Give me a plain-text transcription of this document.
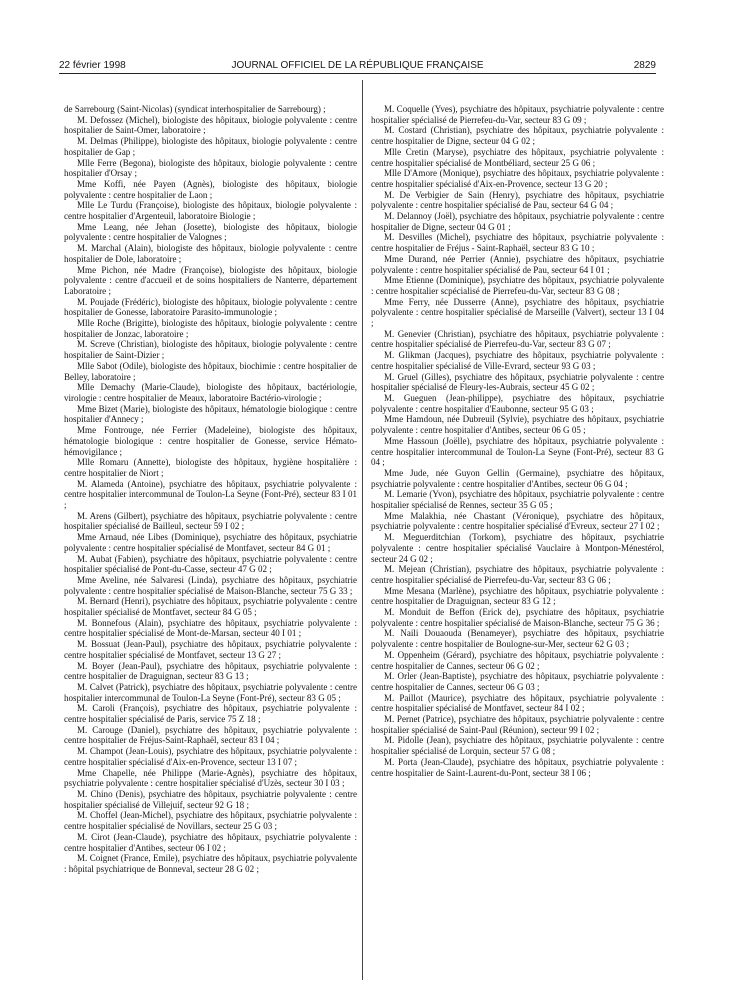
22 février 1998	JOURNAL OFFICIEL DE LA RÉPUBLIQUE FRANÇAISE	2829

de Sarrebourg (Saint-Nicolas) (syndicat interhospitalier de Sarrebourg) ;

M. Defossez (Michel), biologiste des hôpitaux, biologie polyvalente : centre hospitalier de Saint-Omer, laboratoire ;

M. Delmas (Philippe), biologiste des hôpitaux, biologie polyvalente : centre hospitalier de Gap ;

Mlle Ferre (Begona), biologiste des hôpitaux, biologie polyvalente : centre hospitalier d'Orsay ;

Mme Koffi, née Payen (Agnès), biologiste des hôpitaux, biologie polyvalente : centre hospitalier de Laon ;

Mlle Le Turdu (Françoise), biologiste des hôpitaux, biologie polyvalente : centre hospitalier d'Argenteuil, laboratoire Biologie ;

Mme Leang, née Jehan (Josette), biologiste des hôpitaux, biologie polyvalente : centre hospitalier de Valognes ;

M. Marchal (Alain), biologiste des hôpitaux, biologie polyvalente : centre hospitalier de Dole, laboratoire ;

Mme Pichon, née Madre (Françoise), biologiste des hôpitaux, biologie polyvalente : centre d'accueil et de soins hospitaliers de Nanterre, département Laboratoire ;

M. Poujade (Frédéric), biologiste des hôpitaux, biologie polyvalente : centre hospitalier de Gonesse, laboratoire Parasito-immunologie ;

Mlle Roche (Brigitte), biologiste des hôpitaux, biologie polyvalente : centre hospitalier de Jonzac, laboratoire ;

M. Screve (Christian), biologiste des hôpitaux, biologie polyvalente : centre hospitalier de Saint-Dizier ;

Mlle Sabot (Odile), biologiste des hôpitaux, biochimie : centre hospitalier de Belley, laboratoire ;

Mlle Demachy (Marie-Claude), biologiste des hôpitaux, bactériologie, virologie : centre hospitalier de Meaux, laboratoire Bactério-virologie ;

Mme Bizet (Marie), biologiste des hôpitaux, hématologie biologique : centre hospitalier d'Annecy ;

Mme Fontrouge, née Ferrier (Madeleine), biologiste des hôpitaux, hématologie biologique : centre hospitalier de Gonesse, service Hémato-hémovigilance ;

Mlle Romaru (Annette), biologiste des hôpitaux, hygiène hospitalière : centre hospitalier de Niort ;

M. Alameda (Antoine), psychiatre des hôpitaux, psychiatrie polyvalente : centre hospitalier intercommunal de Toulon-La Seyne (Font-Pré), secteur 83 I 01 ;

M. Arens (Gilbert), psychiatre des hôpitaux, psychiatrie polyvalente : centre hospitalier spécialisé de Bailleul, secteur 59 I 02 ;

Mme Arnaud, née Libes (Dominique), psychiatre des hôpitaux, psychiatrie polyvalente : centre hospitalier spécialisé de Montfavet, secteur 84 G 01 ;

M. Aubat (Fabien), psychiatre des hôpitaux, psychiatrie polyvalente : centre hospitalier spécialisé de Pont-du-Casse, secteur 47 G 02 ;

Mme Aveline, née Salvaresi (Linda), psychiatre des hôpitaux, psychiatrie polyvalente : centre hospitalier spécialisé de Maison-Blanche, secteur 75 G 33 ;

M. Bernard (Henri), psychiatre des hôpitaux, psychiatrie polyvalente : centre hospitalier spécialisé de Montfavet, secteur 84 G 05 ;

M. Bonnefous (Alain), psychiatre des hôpitaux, psychiatrie polyvalente : centre hospitalier spécialisé de Mont-de-Marsan, secteur 40 I 01 ;

M. Bossuat (Jean-Paul), psychiatre des hôpitaux, psychiatrie polyvalente : centre hospitalier spécialisé de Montfavet, secteur 13 G 27 ;

M. Boyer (Jean-Paul), psychiatre des hôpitaux, psychiatrie polyvalente : centre hospitalier de Draguignan, secteur 83 G 13 ;

M. Calvet (Patrick), psychiatre des hôpitaux, psychiatrie polyvalente : centre hospitalier intercommunal de Toulon-La Seyne (Font-Pré), secteur 83 G 05 ;

M. Caroli (François), psychiatre des hôpitaux, psychiatrie polyvalente : centre hospitalier spécialisé de Paris, service 75 Z 18 ;

M. Carouge (Daniel), psychiatre des hôpitaux, psychiatrie polyvalente : centre hospitalier de Fréjus-Saint-Raphaël, secteur 83 I 04 ;

M. Champot (Jean-Louis), psychiatre des hôpitaux, psychiatrie polyvalente : centre hospitalier spécialisé d'Aix-en-Provence, secteur 13 I 07 ;

Mme Chapelle, née Philippe (Marie-Agnès), psychiatre des hôpitaux, psychiatrie polyvalente : centre hospitalier spécialisé d'Uzès, secteur 30 I 03 ;

M. Chino (Denis), psychiatre des hôpitaux, psychiatrie polyvalente : centre hospitalier spécialisé de Villejuif, secteur 92 G 18 ;

M. Choffel (Jean-Michel), psychiatre des hôpitaux, psychiatrie polyvalente : centre hospitalier spécialisé de Novillars, secteur 25 G 03 ;

M. Cirot (Jean-Claude), psychiatre des hôpitaux, psychiatrie polyvalente : centre hospitalier d'Antibes, secteur 06 I 02 ;

M. Coignet (France, Emile), psychiatre des hôpitaux, psychiatrie polyvalente : hôpital psychiatrique de Bonneval, secteur 28 G 02 ;

M. Coquelle (Yves), psychiatre des hôpitaux, psychiatrie polyvalente : centre hospitalier spécialisé de Pierrefeu-du-Var, secteur 83 G 09 ;

M. Costard (Christian), psychiatre des hôpitaux, psychiatrie polyvalente : centre hospitalier de Digne, secteur 04 G 02 ;

Mlle Cretin (Maryse), psychiatre des hôpitaux, psychiatrie polyvalente : centre hospitalier spécialisé de Montbéliard, secteur 25 G 06 ;

Mlle D'Amore (Monique), psychiatre des hôpitaux, psychiatrie polyvalente : centre hospitalier spécialisé d'Aix-en-Provence, secteur 13 G 20 ;

M. De Verbigier de Sain (Henry), psychiatre des hôpitaux, psychiatrie polyvalente : centre hospitalier spécialisé de Pau, secteur 64 G 04 ;

M. Delannoy (Joël), psychiatre des hôpitaux, psychiatrie polyvalente : centre hospitalier de Digne, secteur 04 G 01 ;

M. Desvilles (Michel), psychiatre des hôpitaux, psychiatrie polyvalente : centre hospitalier de Fréjus - Saint-Raphaël, secteur 83 G 10 ;

Mme Durand, née Perrier (Annie), psychiatre des hôpitaux, psychiatrie polyvalente : centre hospitalier spécialisé de Pau, secteur 64 I 01 ;

Mme Etienne (Dominique), psychiatre des hôpitaux, psychiatrie polyvalente : centre hospitalier scpécialisé de Pierrefeu-du-Var, secteur 83 G 08 ;

Mme Ferry, née Dusserre (Anne), psychiatre des hôpitaux, psychiatrie polyvalente : centre hospitalier spécialisé de Marseille (Valvert), secteur 13 I 04 ;

M. Genevier (Christian), psychiatre des hôpitaux, psychiatrie polyvalente : centre hospitalier spécialisé de Pierrefeu-du-Var, secteur 83 G 07 ;

M. Glikman (Jacques), psychiatre des hôpitaux, psychiatrie polyvalente : centre hospitalier spécialisé de Ville-Evrard, secteur 93 G 03 ;

M. Gruel (Gilles), psychiatre des hôpitaux, psychiatrie polyvalente : centre hospitalier spécialisé de Fleury-les-Aubrais, secteur 45 G 02 ;

M. Gueguen (Jean-philippe), psychiatre des hôpitaux, psychiatrie polyvalente : centre hospitalier d'Eaubonne, secteur 95 G 03 ;

Mme Hamdoun, née Dubreuil (Sylvie), psychiatre des hôpitaux, psychiatrie polyvalente : centre hospitalier d'Antibes, secteur 06 G 05 ;

Mme Hassoun (Joëlle), psychiatre des hôpitaux, psychiatrie polyvalente : centre hospitalier intercommunal de Toulon-La Seyne (Font-Pré), secteur 83 G 04 ;

Mme Jude, née Guyon Gellin (Germaine), psychiatre des hôpitaux, psychiatrie polyvalente : centre hospitalier d'Antibes, secteur 06 G 04 ;

M. Lemarie (Yvon), psychiatre des hôpitaux, psychiatrie polyvalente : centre hospitalier spécialisé de Rennes, secteur 35 G 05 ;

Mme Malakhia, née Chastant (Véronique), psychiatre des hôpitaux, psychiatrie polyvalente : centre hospitalier spécialisé d'Evreux, secteur 27 I 02 ;

M. Meguerditchian (Torkom), psychiatre des hôpitaux, psychiatrie polyvalente : centre hospitalier spécialisé Vauclaire à Montpon-Ménestérol, secteur 24 G 02 ;

M. Mejean (Christian), psychiatre des hôpitaux, psychiatrie polyvalente : centre hospitalier spécialisé de Pierrefeu-du-Var, secteur 83 G 06 ;

Mme Mesana (Marlène), psychiatre des hôpitaux, psychiatrie polyvalente : centre hospitalier de Draguignan, secteur 83 G 12 ;

M. Monduit de Beffon (Erick de), psychiatre des hôpitaux, psychiatrie polyvalente : centre hospitalier spécialisé de Maison-Blanche, secteur 75 G 36 ;

M. Naili Douaouda (Benameyer), psychiatre des hôpitaux, psychiatrie polyvalente : centre hospitalier de Boulogne-sur-Mer, secteur 62 G 03 ;

M. Oppenheim (Gérard), psychiatre des hôpitaux, psychiatrie polyvalente : centre hospitalier de Cannes, secteur 06 G 02 ;

M. Orler (Jean-Baptiste), psychiatre des hôpitaux, psychiatrie polyvalente : centre hospitalier de Cannes, secteur 06 G 03 ;

M. Paillot (Maurice), psychiatre des hôpitaux, psychiatrie polyvalente : centre hospitalier spécialisé de Montfavet, secteur 84 I 02 ;

M. Pernet (Patrice), psychiatre des hôpitaux, psychiatrie polyvalente : centre hospitalier spécialisé de Saint-Paul (Réunion), secteur 99 I 02 ;

M. Pidolle (Jean), psychiatre des hôpitaux, psychiatrie polyvalente : centre hospitalier spécialisé de Lorquin, secteur 57 G 08 ;

M. Porta (Jean-Claude), psychiatre des hôpitaux, psychiatrie polyvalente : centre hospitalier de Saint-Laurent-du-Pont, secteur 38 I 06 ;
